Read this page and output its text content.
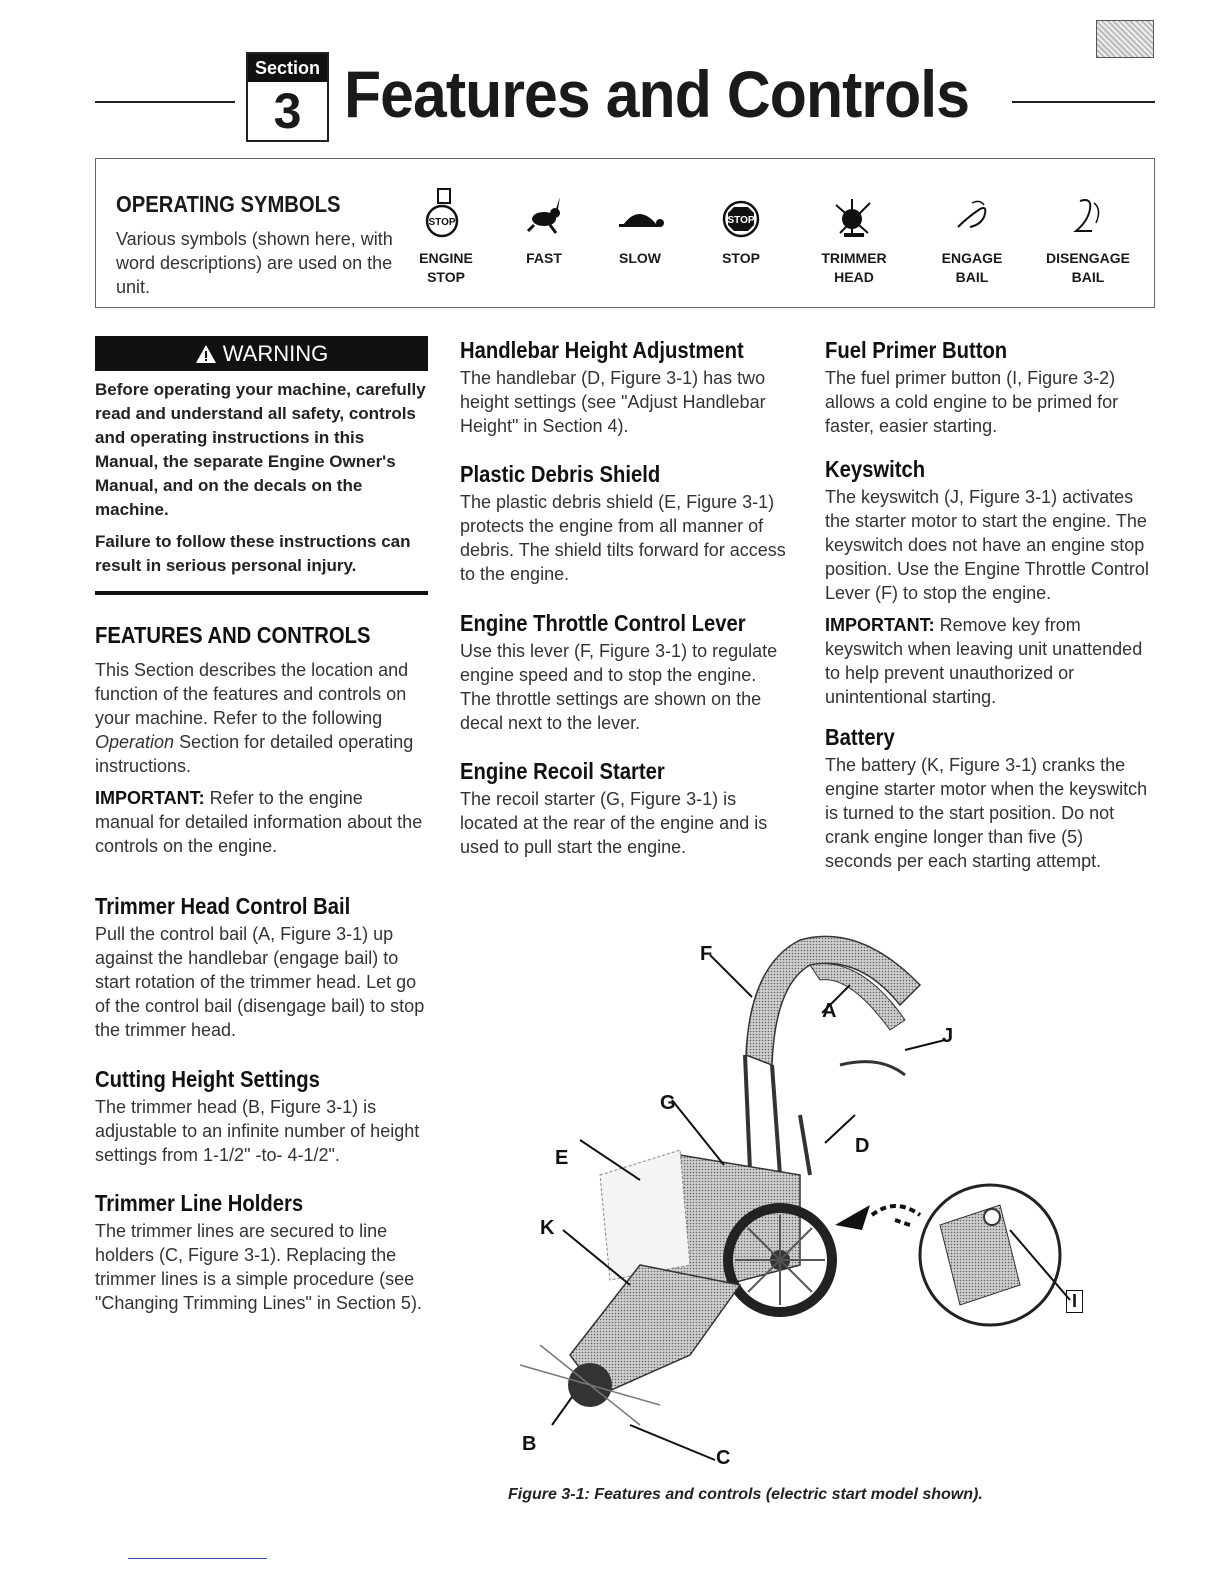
Section
3 Features and Controls
OPERATING SYMBOLS
Various symbols (shown here, with word descriptions) are used on the unit.
STOP
ENGINE
STOP
FAST	SLOW
STOP
STOP	TRIMMER
HEAD
ENGAGE
BAIL
DISENGAGE
BAIL
WARNING

Before operating your machine, carefully read and understand all safety, controls and operating instructions in this Manual, the separate Engine Owner's Manual, and on the decals on the machine.

Failure to follow these instructions can result in serious personal injury.

FEATURES AND CONTROLS

This Section describes the location and function of the features and controls on your machine. Refer to the following Operation Section for detailed operating instructions.

IMPORTANT: Refer to the engine manual for detailed information about the controls on the engine.

Trimmer Head Control Bail
Pull the control bail (A, Figure 3-1) up against the handlebar (engage bail) to start rotation of the trimmer head. Let go of the control bail (disengage bail) to stop the trimmer head.
Cutting Height Settings
The trimmer head (B, Figure 3-1) is adjustable to an infinite number of height settings from 1-1/2" -to- 4-1/2".
Trimmer Line Holders
The trimmer lines are secured to line holders (C, Figure 3-1). Replacing the trimmer lines is a simple procedure (see "Changing Trimming Lines" in Section 5).
Handlebar Height Adjustment
The handlebar (D, Figure 3-1) has two height settings (see "Adjust Handlebar Height" in Section 4).
Plastic Debris Shield
The plastic debris shield (E, Figure 3-1) protects the engine from all manner of debris. The shield tilts forward for access to the engine.
Engine Throttle Control Lever
Use this lever (F, Figure 3-1) to regulate engine speed and to stop the engine. The throttle settings are shown on the decal next to the lever.
Engine Recoil Starter
The recoil starter (G, Figure 3-1) is located at the rear of the engine and is used to pull start the engine.
Fuel Primer Button
The fuel primer button (I, Figure 3-2) allows a cold engine to be primed for faster, easier starting.
Keyswitch

The keyswitch (J, Figure 3-1) activates the starter motor to start the engine. The keyswitch does not have an engine stop position. Use the Engine Throttle Control Lever (F) to stop the engine.

IMPORTANT: Remove key from keyswitch when leaving unit unattended to help prevent unauthorized or unintentional starting.

Battery
The battery (K, Figure 3-1) cranks the engine starter motor when the keyswitch is turned to the start position. Do not crank engine longer than five (5) seconds per each starting attempt.
F
A
J
G
D
E
K
I
B
C
Figure 3-1: Features and controls (electric start model shown).
